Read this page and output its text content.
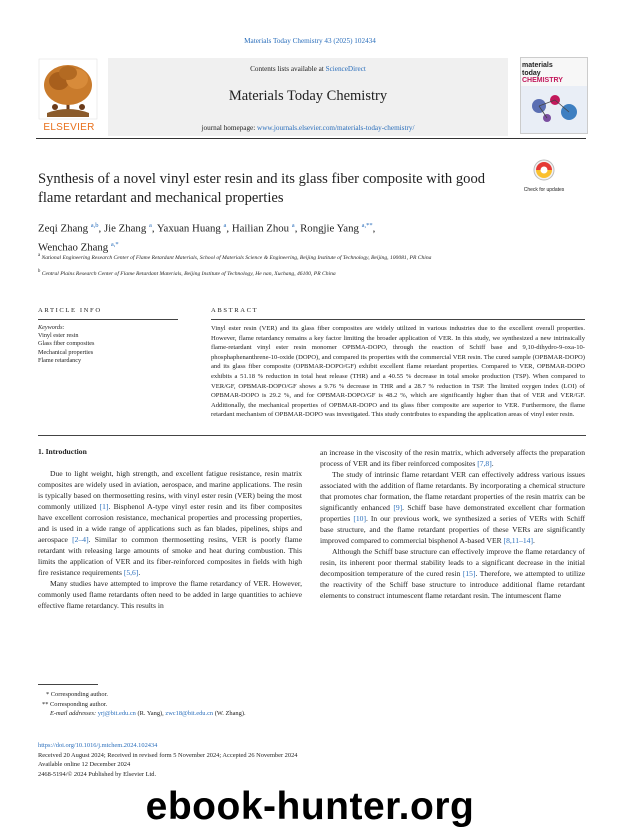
Materials Today Chemistry 43 (2025) 102434
ELSEVIER
Contents lists available at ScienceDirect
Materials Today Chemistry
journal homepage: www.journals.elsevier.com/materials-today-chemistry/
materials
today
CHEMISTRY
Synthesis of a novel vinyl ester resin and its glass fiber composite with good flame retardant and mechanical properties	Check for updates
Zeqi Zhang $^{a,b}$, Jie Zhang $^a$, Yaxuan Huang $^a$, Hailian Zhou $^a$, Rongjie Yang $^{a,**}$,
Wenchao Zhang $^{a,*}$
$^a$ National Engineering Research Center of Flame Retardant Materials, School of Materials Science & Engineering, Beijing Institute of Technology, Beijing, 100081, PR China
$^b$ Central Plains Research Center of Flame Retardant Materials, Beijing Institute of Technology, He nan, Xuchang, 46100, PR China
ARTICLE INFO	ABSTRACT
Keywords:
Vinyl ester resin
Glass fiber composites
Mechanical properties
Flame retardancy
Vinyl ester resin (VER) and its glass fiber composites are widely utilized in various industries due to the excellent overall properties. However, flame retardancy remains a key factor limiting the broader application of VER. In this study, we synthesized a new intrinsically flame-retardant vinyl ester resin monomer OPBMA-DOPO, through the reaction of Schiff base and 9,10-dihydro-9-oxa-10-phosphaphenanthrene-10-oxide (DOPO), and compared its properties with the commercial VER resin. The cured sample (OPBMAR-DOPO) and its glass fiber composite (OPBMAR-DOPO/GF) exhibit excellent flame retardant properties. Compared to VER, OPBMAR-DOPO exhibits a 51.18 % reduction in total heat release (THR) and a 40.55 % decrease in total smoke production (TSP). When compared to VER/GF, OPBMAR-DOPO/GF shows a 9.76 % decrease in THR and a 28.7 % reduction in TSP. The limited oxygen index (LOI) of OPBMAR-DOPO is 29.2 %, and for OPBMAR-DOPO/GF is 48.2 %, which are significantly higher than that of VER and VER/GF. Additionally, the mechanical properties of OPBMAR-DOPO and its glass fiber composite are superior to VER. Furthermore, the flame retardant mechanism of OPBMAR-DOPO was investigated. This study contributes to expanding the application areas of vinyl ester resin.
1. Introduction

Due to light weight, high strength, and excellent fatigue resistance, resin matrix composites are widely used in aviation, aerospace, and marine applications. The resin is typically based on thermosetting resins, with vinyl ester resin (VER) being the most commonly utilized [1]. Bisphenol A-type vinyl ester resin and its fiber composites have excellent corrosion resistance, mechanical properties and processing properties, and is used in a wide range of applications such as fan blades, pipelines, ships and aerospace [2–4]. Similar to common thermosetting resins, VER is poorly flame retardant with releasing large amounts of smoke and heat during combustion. This limits the application of VER and its fiber-reinforced composites in fields with high fire resistance requirements [5,6].

Many studies have attempted to improve the flame retardancy of VER. However, commonly used flame retardants often need to be added in large quantities to achieve effective flame retardancy. This results in

an increase in the viscosity of the resin matrix, which adversely affects the preparation process of VER and its fiber reinforced composites [7,8].

The study of intrinsic flame retardant VER can effectively address various issues associated with the addition of flame retardants. By incorporating a chemical structure that promotes char formation, the flame retardant properties of the resin matrix can be significantly enhanced [9]. Schiff base have demonstrated excellent char formation properties [10]. In our previous work, we synthesized a series of VERs with Schiff base structure, and the flame retardant properties of these VERs are significantly improved compared to commercial bisphenol A-based VER [8,11–14].

Although the Schiff base structure can effectively improve the flame retardancy of resin, its inherent poor thermal stability leads to a significant decrease in the initial decomposition temperature of the cured resin [15]. Therefore, we attempted to utilize the reactivity of the Schiff base structure to introduce additional flame retardant elements to construct intumescent flame retardant resin. The intumescent flame

* Corresponding author.
** Corresponding author.
E-mail addresses: yrj@bit.edu.cn (R. Yang), zwc18@bit.edu.cn (W. Zhang).
https://doi.org/10.1016/j.mtchem.2024.102434
Received 20 August 2024; Received in revised form 5 November 2024; Accepted 26 November 2024
Available online 12 December 2024
2468-5194/© 2024 Published by Elsevier Ltd.
ebook-hunter.org
